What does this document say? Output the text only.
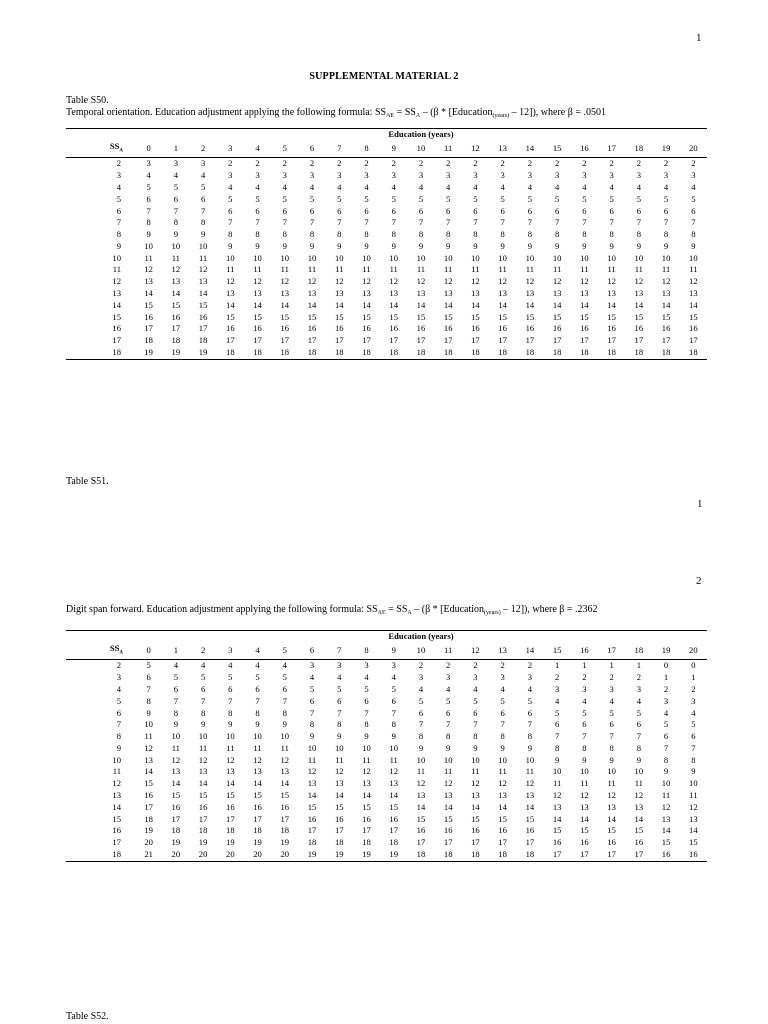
1
SUPPLEMENTAL MATERIAL 2
Table S50.
Temporal orientation. Education adjustment applying the following formula: $SS_{AE} = SS_A - (\beta$ * [Education$_{(years)}$ – 12]), where β = .0501
	Education (years)																				
$SS_A$	0	1	2	3	4	5	6	7	8	9	10	11	12	13	14	15	16	17	18	19	20
2	3	3	3	2	2	2	2	2	2	2	2	2	2	2	2	2	2	2	2	2	2
3	4	4	4	3	3	3	3	3	3	3	3	3	3	3	3	3	3	3	3	3	3
4	5	5	5	4	4	4	4	4	4	4	4	4	4	4	4	4	4	4	4	4	4
5	6	6	6	5	5	5	5	5	5	5	5	5	5	5	5	5	5	5	5	5	5
6	7	7	7	6	6	6	6	6	6	6	6	6	6	6	6	6	6	6	6	6	6
7	8	8	8	7	7	7	7	7	7	7	7	7	7	7	7	7	7	7	7	7	7
8	9	9	9	8	8	8	8	8	8	8	8	8	8	8	8	8	8	8	8	8	8
9	10	10	10	9	9	9	9	9	9	9	9	9	9	9	9	9	9	9	9	9	9
10	11	11	11	10	10	10	10	10	10	10	10	10	10	10	10	10	10	10	10	10	10
11	12	12	12	11	11	11	11	11	11	11	11	11	11	11	11	11	11	11	11	11	11
12	13	13	13	12	12	12	12	12	12	12	12	12	12	12	12	12	12	12	12	12	12
13	14	14	14	13	13	13	13	13	13	13	13	13	13	13	13	13	13	13	13	13	13
14	15	15	15	14	14	14	14	14	14	14	14	14	14	14	14	14	14	14	14	14	14
15	16	16	16	15	15	15	15	15	15	15	15	15	15	15	15	15	15	15	15	15	15
16	17	17	17	16	16	16	16	16	16	16	16	16	16	16	16	16	16	16	16	16	16
17	18	18	18	17	17	17	17	17	17	17	17	17	17	17	17	17	17	17	17	17	17
18	19	19	19	18	18	18	18	18	18	18	18	18	18	18	18	18	18	18	18	18	18
Table S51.
1
2
Digit span forward. Education adjustment applying the following formula: $SS_{AE} = SS_A - (\beta$ * [Education$_{(years)}$ – 12]), where β = .2362
	Education (years)																				
$SS_A$	0	1	2	3	4	5	6	7	8	9	10	11	12	13	14	15	16	17	18	19	20
2	5	4	4	4	4	4	3	3	3	3	2	2	2	2	2	1	1	1	1	0	0
3	6	5	5	5	5	5	4	4	4	4	3	3	3	3	3	2	2	2	2	1	1
4	7	6	6	6	6	6	5	5	5	5	4	4	4	4	4	3	3	3	3	2	2
5	8	7	7	7	7	7	6	6	6	6	5	5	5	5	5	4	4	4	4	3	3
6	9	8	8	8	8	8	7	7	7	7	6	6	6	6	6	5	5	5	5	4	4
7	10	9	9	9	9	9	8	8	8	8	7	7	7	7	7	6	6	6	6	5	5
8	11	10	10	10	10	10	9	9	9	9	8	8	8	8	8	7	7	7	7	6	6
9	12	11	11	11	11	11	10	10	10	10	9	9	9	9	9	8	8	8	8	7	7
10	13	12	12	12	12	12	11	11	11	11	10	10	10	10	10	9	9	9	9	8	8
11	14	13	13	13	13	13	12	12	12	12	11	11	11	11	11	10	10	10	10	9	9
12	15	14	14	14	14	14	13	13	13	13	12	12	12	12	12	11	11	11	11	10	10
13	16	15	15	15	15	15	14	14	14	14	13	13	13	13	13	12	12	12	12	11	11
14	17	16	16	16	16	16	15	15	15	15	14	14	14	14	14	13	13	13	13	12	12
15	18	17	17	17	17	17	16	16	16	16	15	15	15	15	15	14	14	14	14	13	13
16	19	18	18	18	18	18	17	17	17	17	16	16	16	16	16	15	15	15	15	14	14
17	20	19	19	19	19	19	18	18	18	18	17	17	17	17	17	16	16	16	16	15	15
18	21	20	20	20	20	20	19	19	19	19	18	18	18	18	18	17	17	17	17	16	16
Table S52.
